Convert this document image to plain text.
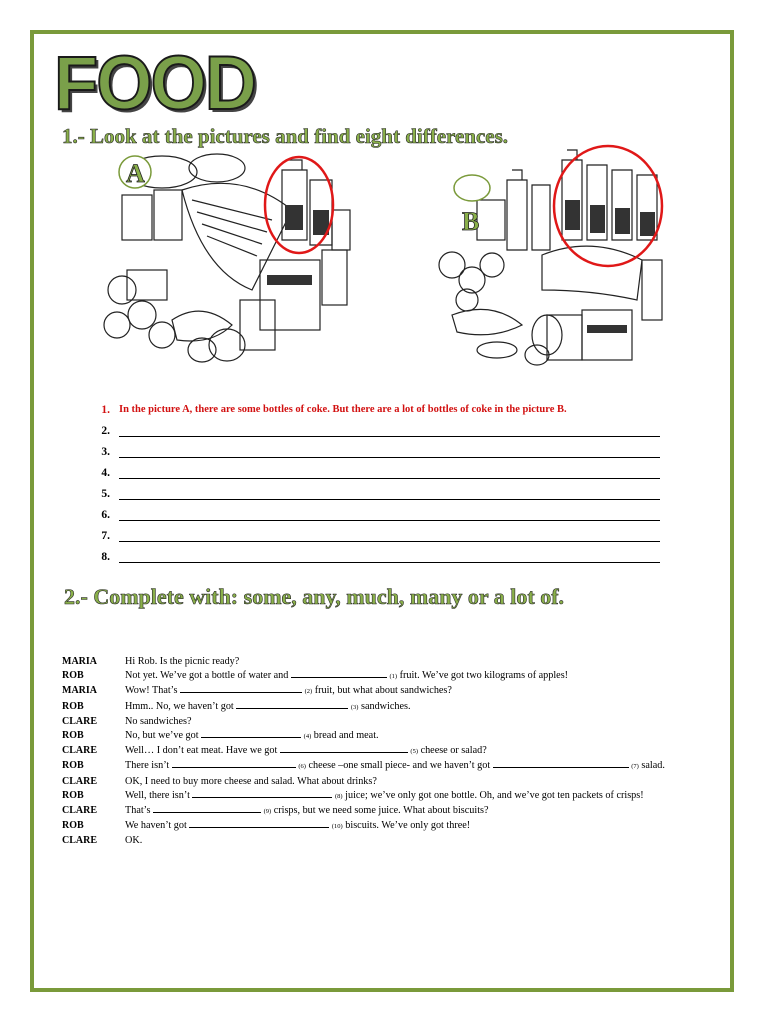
FOOD
1.- Look at the pictures and find eight differences.
A
B
1. In the picture A, there are some bottles of coke. But there are a lot of bottles of coke in the picture B.
2.
3.
4.
5.
6.
7.
8.
2.- Complete with: some, any, much, many or a lot of.
MARIA	Hi Rob. Is the picnic ready?
ROB	Not yet. We’ve got a bottle of water and	(1) fruit. We’ve got two kilograms of apples!
MARIA	Wow! That’s	(2) fruit, but what about sandwiches?
ROB	Hmm.. No, we haven’t got	(3) sandwiches.
CLARE	No sandwiches?
ROB	No, but we’ve got	(4) bread and meat.
CLARE	Well… I don’t eat meat. Have we got	(5) cheese or salad?
ROB	There isn’t	(6) cheese –one small piece- and we haven’t got	(7) salad.
CLARE	OK, I need to buy more cheese and salad. What about drinks?
ROB	Well, there isn’t	(8) juice; we’ve only got one bottle. Oh, and we’ve got ten packets of crisps!
CLARE	That’s	(9) crisps, but we need some juice. What about biscuits?
ROB	We haven’t got	(10) biscuits. We’ve only got three!
CLARE	OK.
